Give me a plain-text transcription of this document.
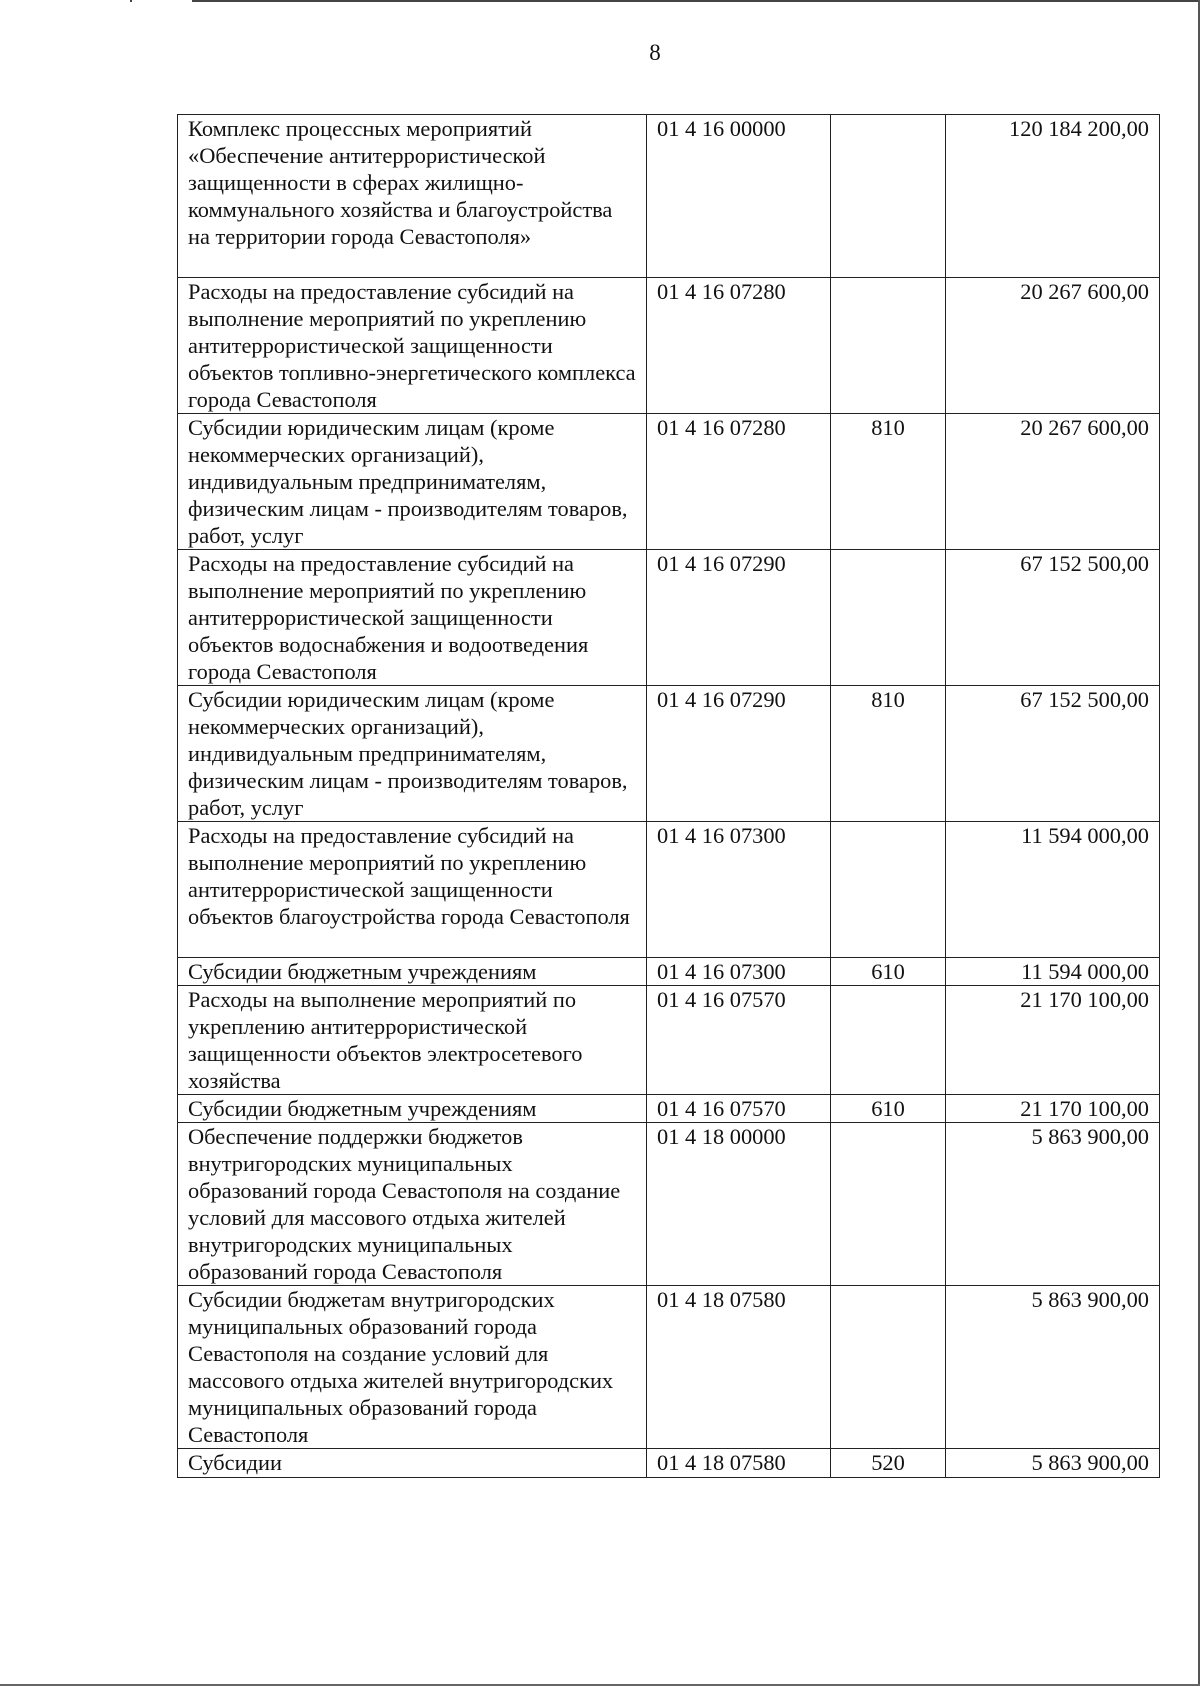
8
Комплекс процессных мероприятий «Обеспечение антитеррористической защищенности в сферах жилищно-коммунального хозяйства и благоустройства на территории города Севастополя»	01 4 16 00000		120 184 200,00
Расходы на предоставление субсидий на выполнение мероприятий по укреплению антитеррористической защищенности объектов топливно-энергетического комплекса города Севастополя	01 4 16 07280		20 267 600,00
Субсидии юридическим лицам (кроме некоммерческих организаций), индивидуальным предпринимателям, физическим лицам - производителям товаров, работ, услуг	01 4 16 07280	810	20 267 600,00
Расходы на предоставление субсидий на выполнение мероприятий по укреплению антитеррористической защищенности объектов водоснабжения и водоотведения города Севастополя	01 4 16 07290		67 152 500,00
Субсидии юридическим лицам (кроме некоммерческих организаций), индивидуальным предпринимателям, физическим лицам - производителям товаров, работ, услуг	01 4 16 07290	810	67 152 500,00
Расходы на предоставление субсидий на выполнение мероприятий по укреплению антитеррористической защищенности объектов благоустройства города Севастополя	01 4 16 07300		11 594 000,00
Субсидии бюджетным учреждениям	01 4 16 07300	610	11 594 000,00
Расходы на выполнение мероприятий по укреплению антитеррористической защищенности объектов электросетевого хозяйства	01 4 16 07570		21 170 100,00
Субсидии бюджетным учреждениям	01 4 16 07570	610	21 170 100,00
Обеспечение поддержки бюджетов внутригородских муниципальных образований города Севастополя на создание условий для массового отдыха жителей внутригородских муниципальных образований города Севастополя	01 4 18 00000		5 863 900,00
Субсидии бюджетам внутригородских муниципальных образований города Севастополя на создание условий для массового отдыха жителей внутригородских муниципальных образований города Севастополя	01 4 18 07580		5 863 900,00
Субсидии	01 4 18 07580	520	5 863 900,00
